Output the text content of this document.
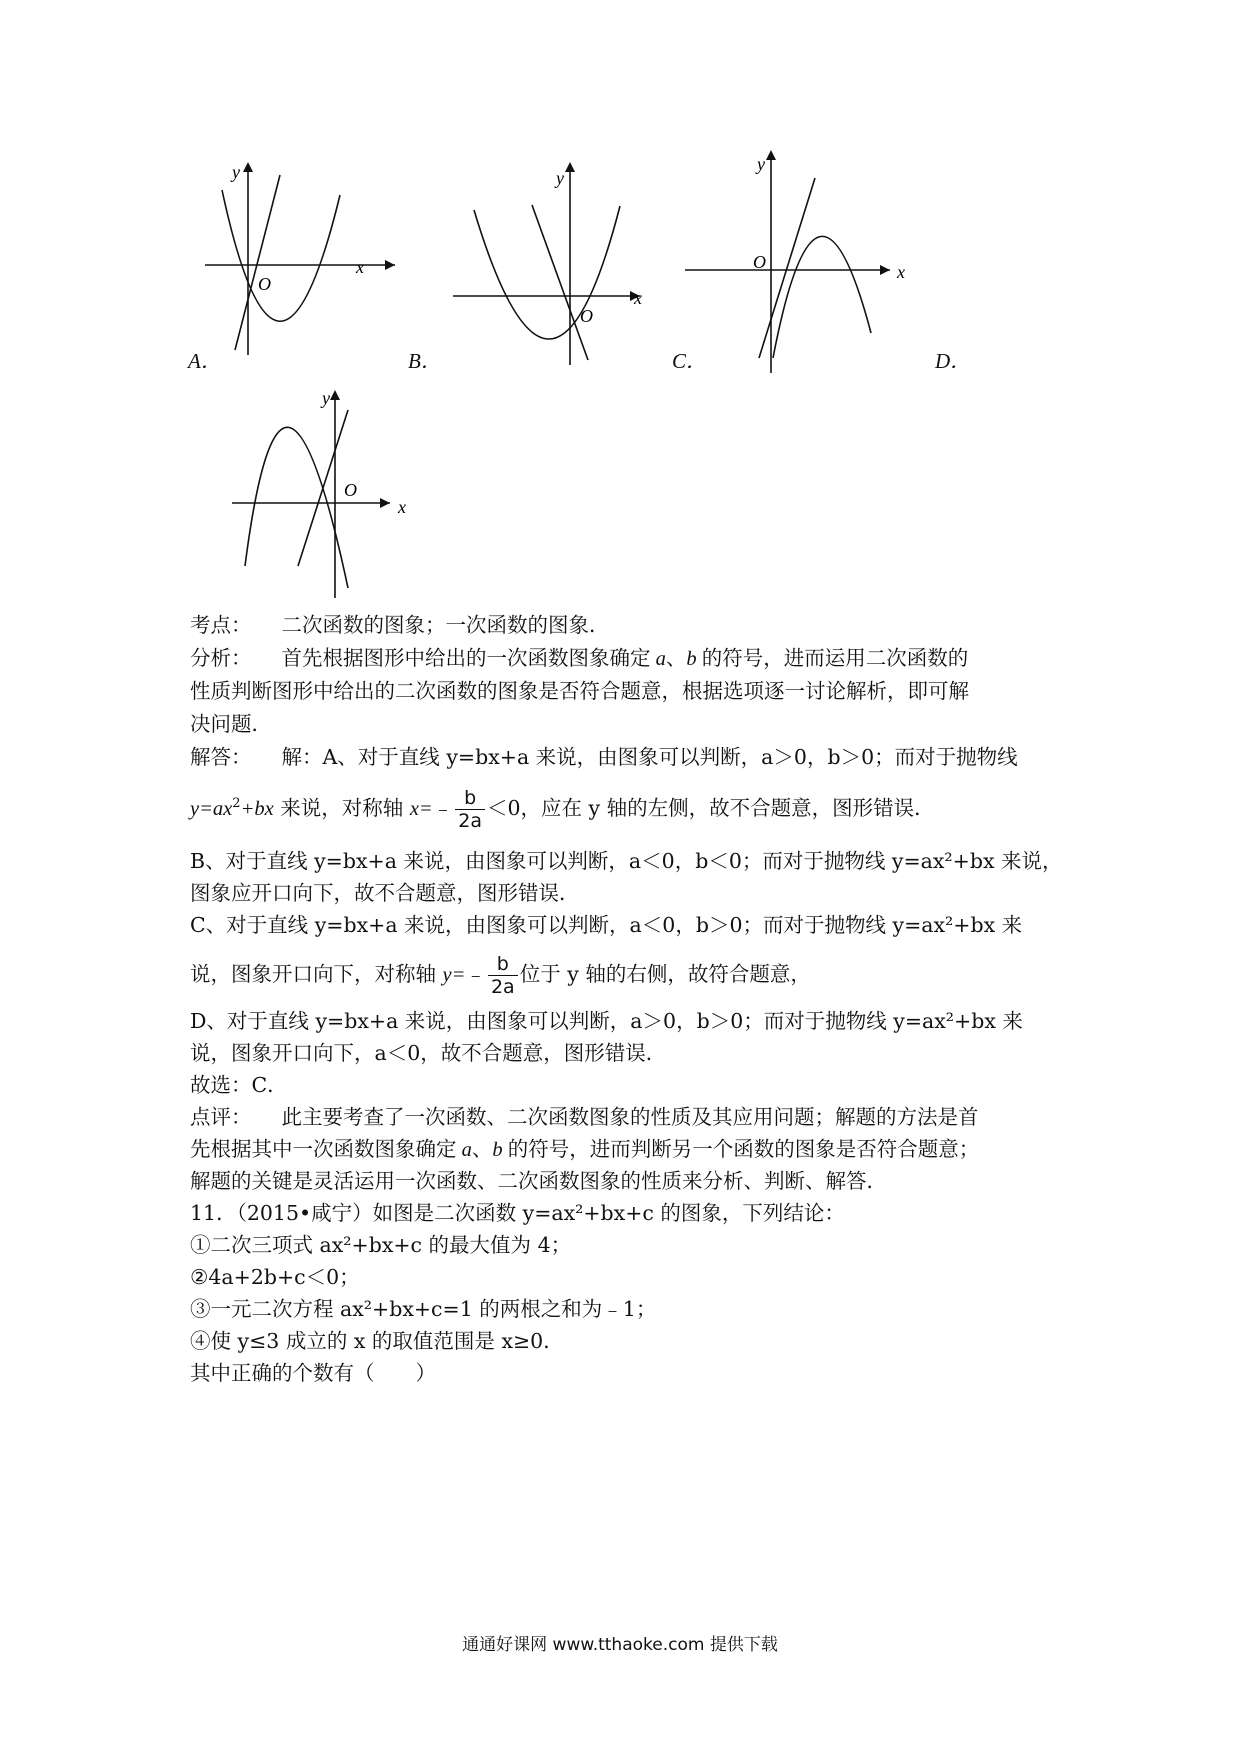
x
y
O
A．
x
y
O
B．
x
y
O
C．	D．
x
y
O
考点： 二次函数的图象；一次函数的图象．
分析： 首先根据图形中给出的一次函数图象确定 a、b 的符号，进而运用二次函数的
性质判断图形中给出的二次函数的图象是否符合题意，根据选项逐一讨论解析，即可解
决问题．
解答： 解：A、对于直线 y=bx+a 来说，由图象可以判断，a＞0，b＞0；而对于抛物线
$y=ax^2+bx$ 来说，对称轴 x=﹣ $\frac{b}{2a} <0$，应在 y 轴的左侧，故不合题意，图形错误．
B、对于直线 y=bx+a 来说，由图象可以判断，a＜0，b＜0；而对于抛物线 y=ax²+bx 来说，
图象应开口向下，故不合题意，图形错误．
C、对于直线 y=bx+a 来说，由图象可以判断，a＜0，b＞0；而对于抛物线 y=ax²+bx 来
说，图象开口向下，对称轴 y=﹣ $\frac{b}{2a}$ 位于 y 轴的右侧，故符合题意，
D、对于直线 y=bx+a 来说，由图象可以判断，a＞0，b＞0；而对于抛物线 y=ax²+bx 来
说，图象开口向下，a＜0，故不合题意，图形错误．
故选：C．
点评： 此主要考查了一次函数、二次函数图象的性质及其应用问题；解题的方法是首
先根据其中一次函数图象确定 a、b 的符号，进而判断另一个函数的图象是否符合题意；
解题的关键是灵活运用一次函数、二次函数图象的性质来分析、判断、解答．
11．（2015•咸宁）如图是二次函数 y=ax²+bx+c 的图象，下列结论：
①二次三项式 ax²+bx+c 的最大值为 4；
②4a+2b+c＜0；
③一元二次方程 ax²+bx+c=1 的两根之和为﹣1；
④使 y≤3 成立的 x 的取值范围是 x≥0．
其中正确的个数有（　　）
通通好课网 www.tthaoke.com 提供下载
